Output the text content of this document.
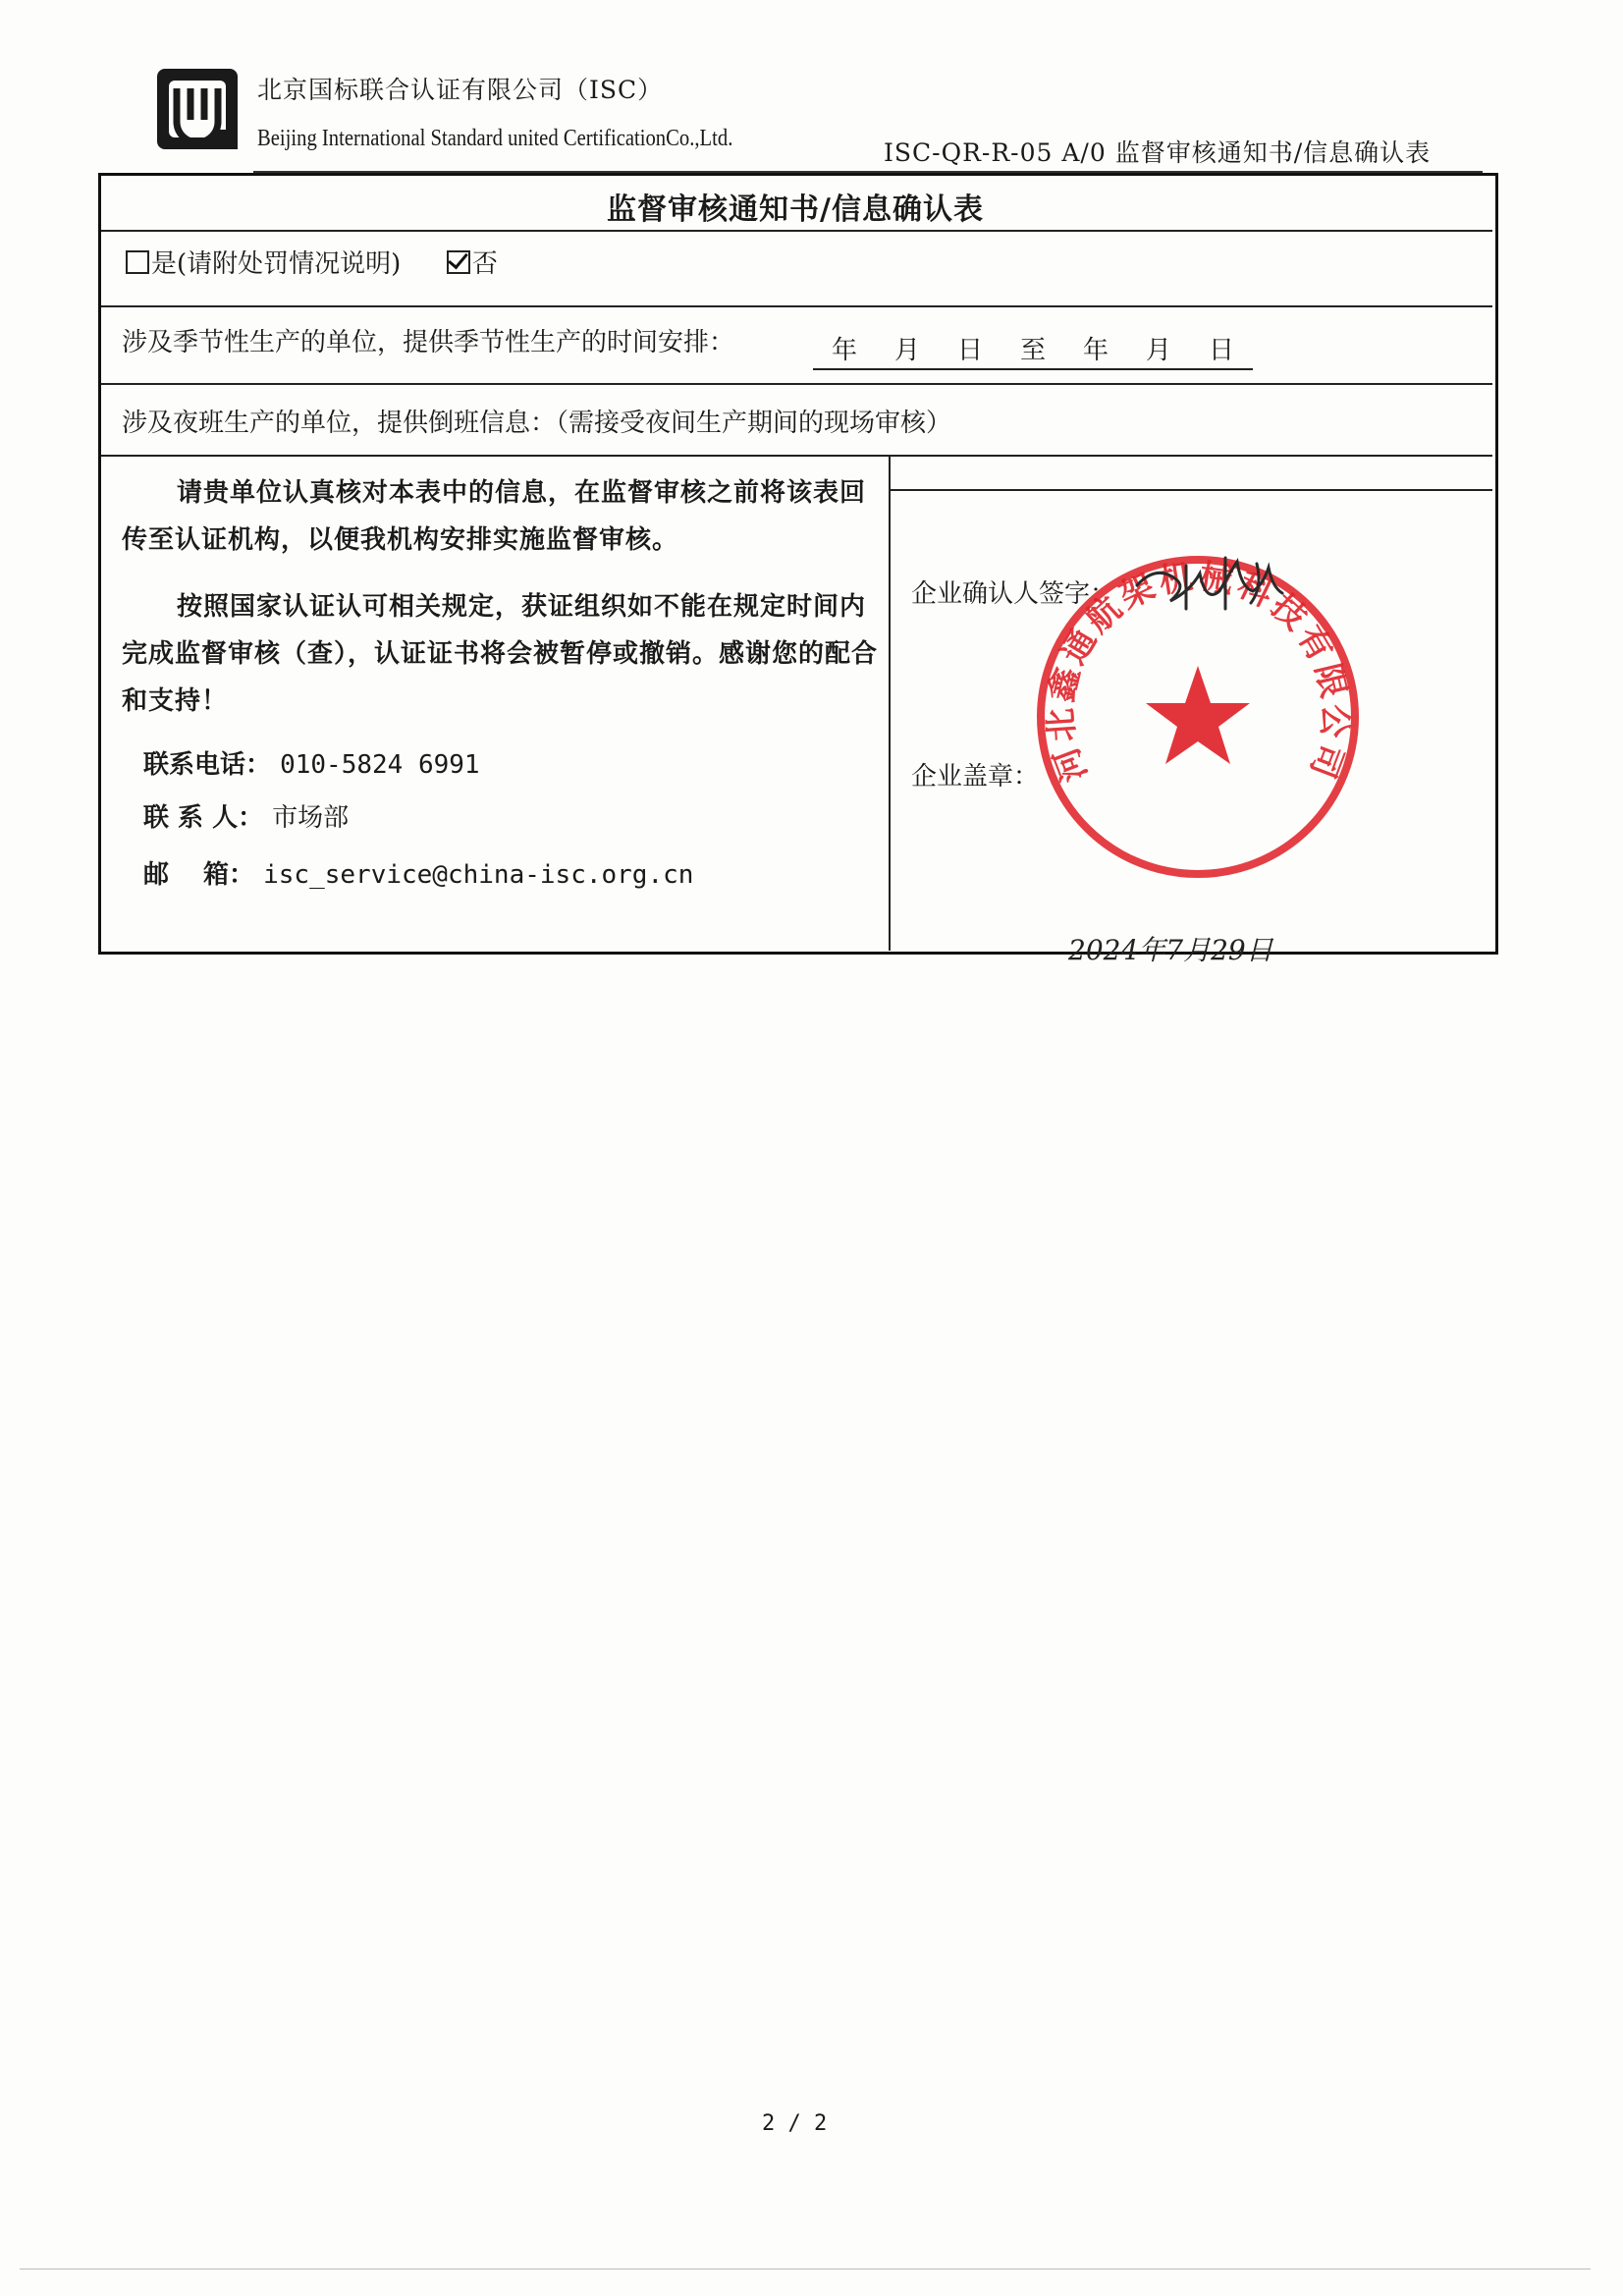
北京国标联合认证有限公司（ISC）
Beijing International Standard united CertificationCo.,Ltd.	ISC-QR-R-05 A/0 监督审核通知书/信息确认表
监督审核通知书/信息确认表
是(请附处罚情况说明)	否
涉及季节性生产的单位，提供季节性生产的时间安排：	年 月 日 至 年 月 日
涉及夜班生产的单位，提供倒班信息：（需接受夜间生产期间的现场审核）
请贵单位认真核对本表中的信息，在监督审核之前将该表回传至认证机构，以便我机构安排实施监督审核。
按照国家认证认可相关规定，获证组织如不能在规定时间内完成监督审核（查），认证证书将会被暂停或撤销。感谢您的配合和支持！
联系电话： 010-5824 6991
联 系 人： 市场部
邮　 箱： isc_service@china-isc.org.cn
企业确认人签字：
企业盖章： 河北鑫通航架机械科技有限公司
2024年7月29日
2 / 2
